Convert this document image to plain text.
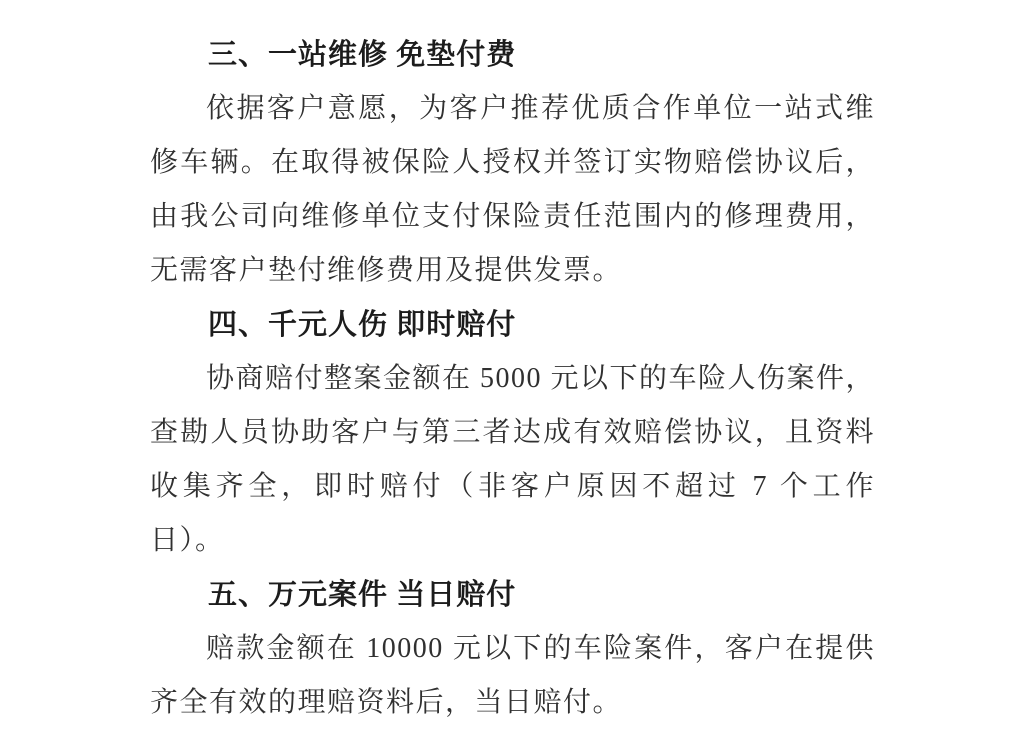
三、一站维修 免垫付费

依据客户意愿，为客户推荐优质合作单位一站式维修车辆。在取得被保险人授权并签订实物赔偿协议后，由我公司向维修单位支付保险责任范围内的修理费用，无需客户垫付维修费用及提供发票。

四、千元人伤 即时赔付

协商赔付整案金额在 5000 元以下的车险人伤案件，查勘人员协助客户与第三者达成有效赔偿协议，且资料收集齐全，即时赔付（非客户原因不超过 7 个工作日）。

五、万元案件 当日赔付

赔款金额在 10000 元以下的车险案件，客户在提供齐全有效的理赔资料后，当日赔付。
